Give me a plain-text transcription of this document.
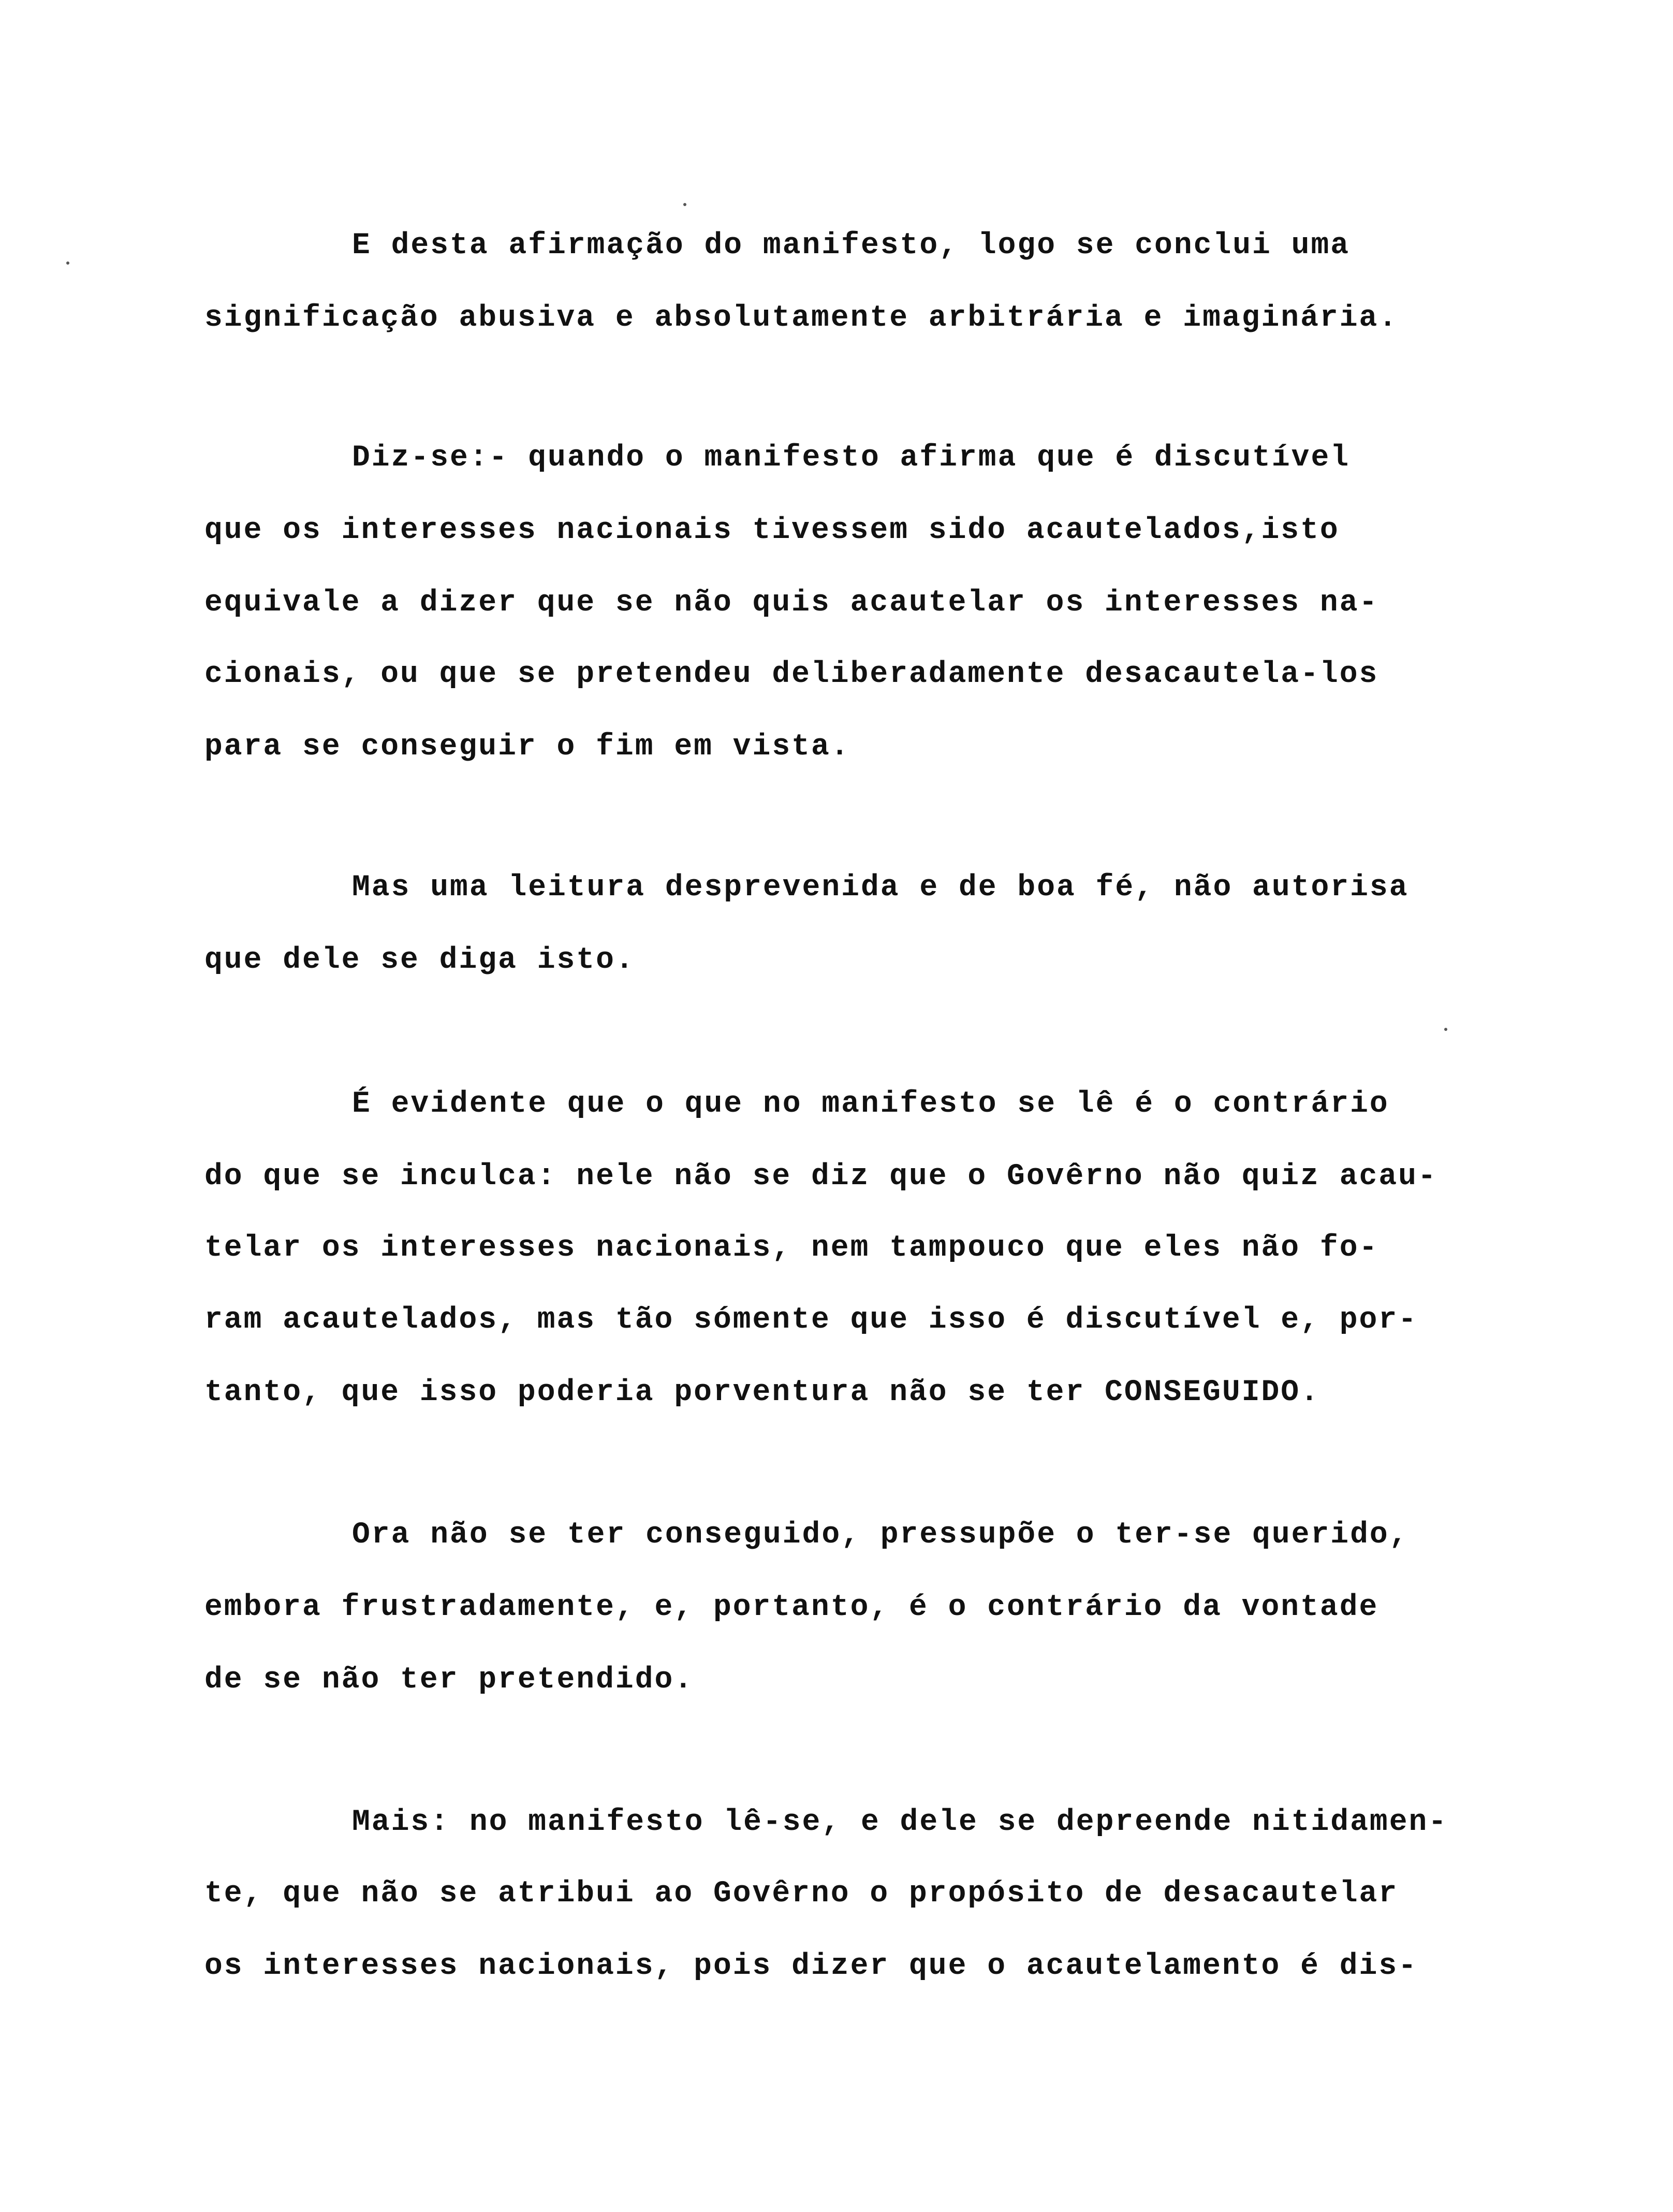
E desta afirmação do manifesto, logo se conclui uma
significação abusiva e absolutamente arbitrária e imaginária.
Diz-se:- quando o manifesto afirma que é discutível
que os interesses nacionais tivessem sido acautelados,isto
equivale a dizer que se não quis acautelar os interesses na-
cionais, ou que se pretendeu deliberadamente desacautela-los
para se conseguir o fim em vista.
Mas uma leitura desprevenida e de boa fé, não autorisa
que dele se diga isto.
É evidente que o que no manifesto se lê é o contrário
do que se inculca: nele não se diz que o Govêrno não quiz acau-
telar os interesses nacionais, nem tampouco que eles não fo-
ram acautelados, mas tão sómente que isso é discutível e, por-
tanto, que isso poderia porventura não se ter CONSEGUIDO.
Ora não se ter conseguido, pressupõe o ter-se querido,
embora frustradamente, e, portanto, é o contrário da vontade
de se não ter pretendido.
Mais: no manifesto lê-se, e dele se depreende nitidamen-
te, que não se atribui ao Govêrno o propósito de desacautelar
os interesses nacionais, pois dizer que o acautelamento é dis-
